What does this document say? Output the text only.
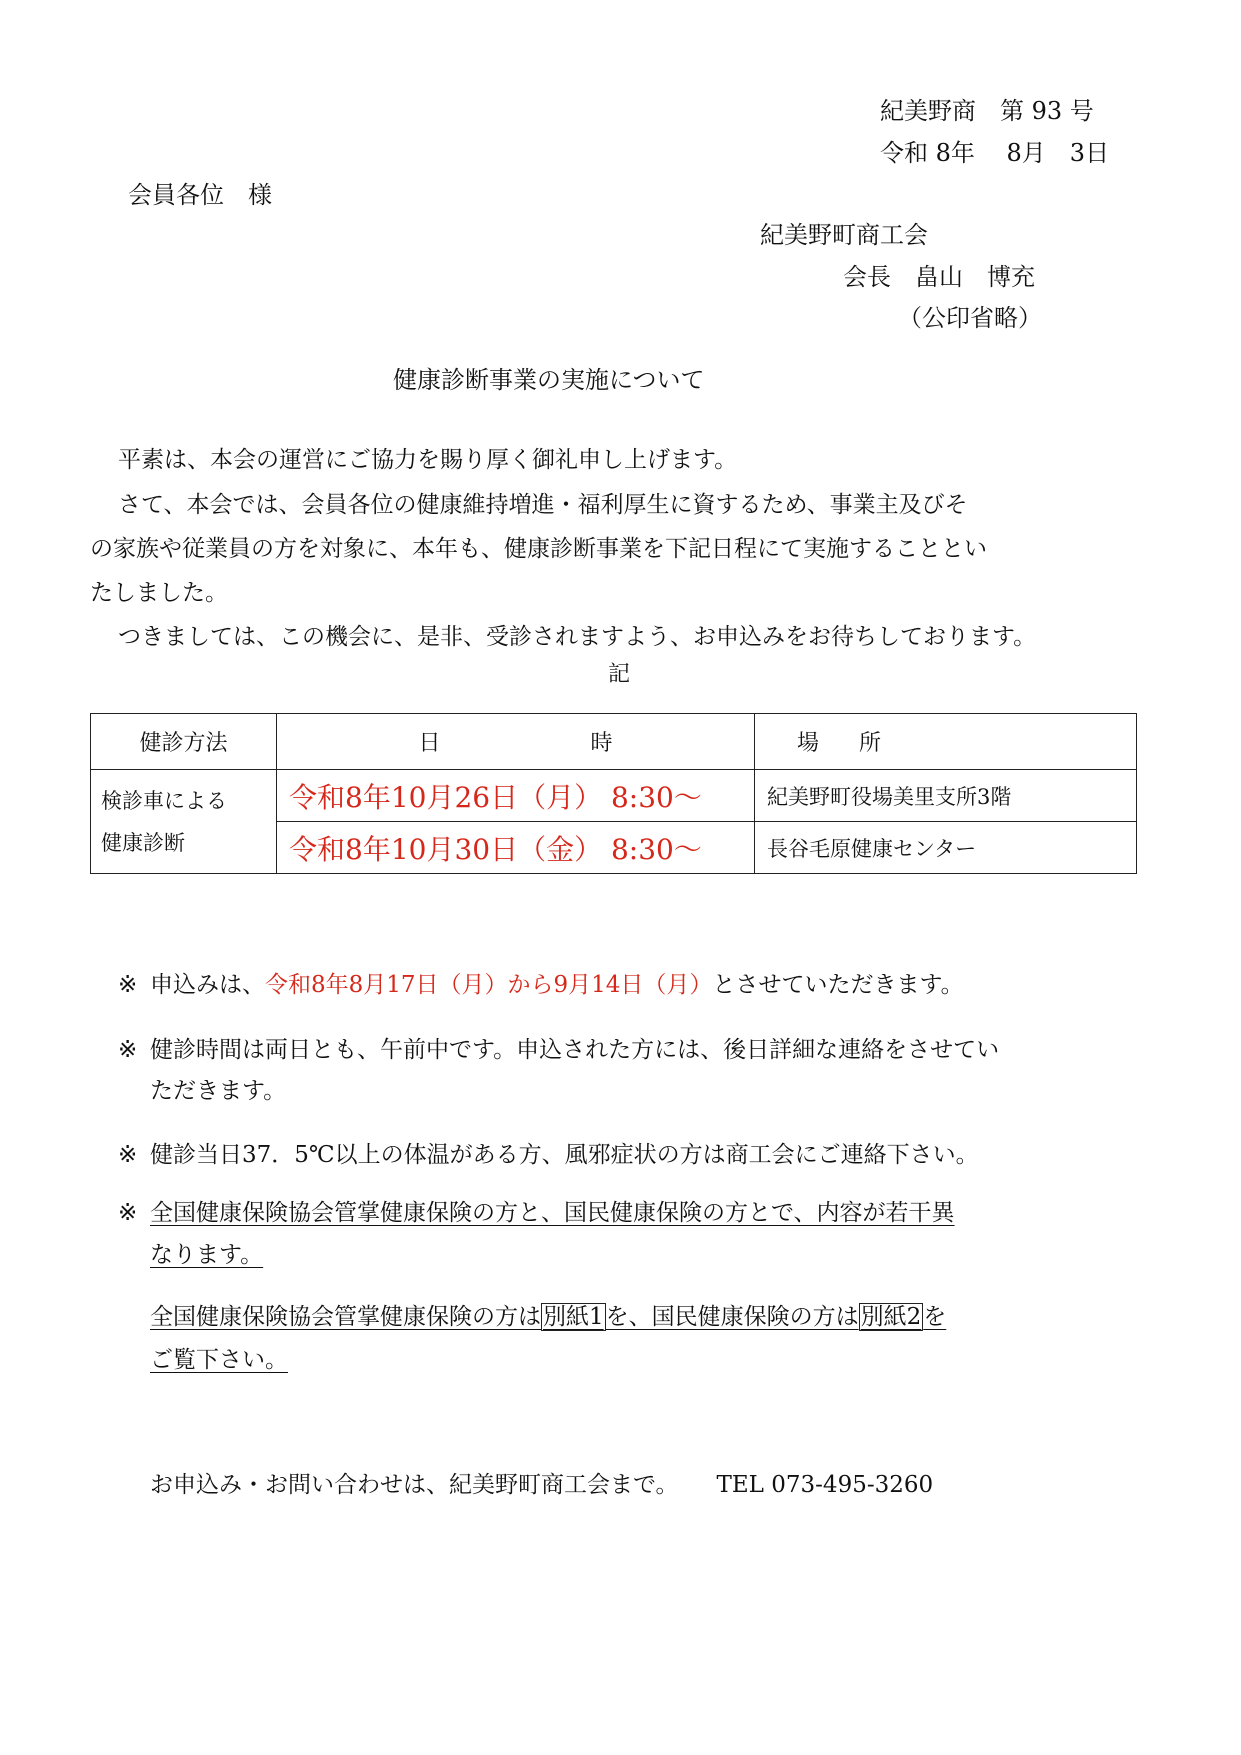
紀美野商　第 93 号
令和 8年　 8月　3日
会員各位　様
紀美野町商工会
会長　畠山　博充
（公印省略）
健康診断事業の実施について
平素は、本会の運営にご協力を賜り厚く御礼申し上げます。
さて、本会では、会員各位の健康維持増進・福利厚生に資するため、事業主及びそ
の家族や従業員の方を対象に、本年も、健康診断事業を下記日程にて実施することとい
たしました。
つきましては、この機会に、是非、受診されますよう、お申込みをお待ちしております。
記
健診方法	日 時	場 所

検診車による
健康診断	令和8年10月26日（月） 8:30～	紀美野町役場美里支所3階
	令和8年10月30日（金） 8:30～	長谷毛原健康センター
※ 申込みは、令和8年8月17日（月）から9月14日（月）とさせていただきます。
※ 健診時間は両日とも、午前中です。申込された方には、後日詳細な連絡をさせてい
ただきます。
※ 健診当日37．5℃以上の体温がある方、風邪症状の方は商工会にご連絡下さい。
※ 全国健康保険協会管掌健康保険の方と、国民健康保険の方とで、内容が若干異
なります。
全国健康保険協会管掌健康保険の方は別紙1を、国民健康保険の方は別紙2を
ご覧下さい。
お申込み・お問い合わせは、紀美野町商工会まで。 TEL 073-495-3260
